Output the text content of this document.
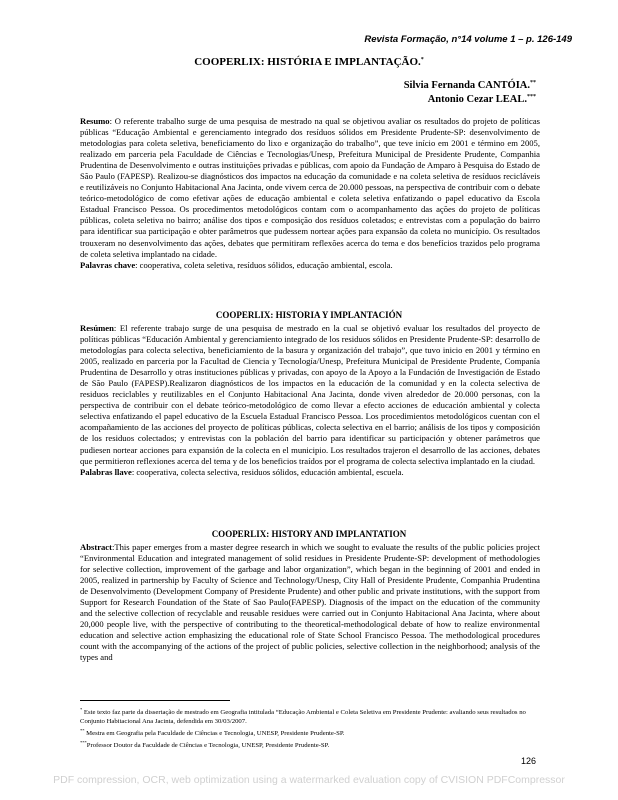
Revista Formação, n°14 volume 1 – p. 126-149
COOPERLIX: HISTÓRIA E IMPLANTAÇÃO.*
Silvia Fernanda CANTÓIA.**
Antonio Cezar LEAL.***
Resumo: O referente trabalho surge de uma pesquisa de mestrado na qual se objetivou avaliar os resultados do projeto de políticas públicas “Educação Ambiental e gerenciamento integrado dos resíduos sólidos em Presidente Prudente-SP: desenvolvimento de metodologias para coleta seletiva, beneficiamento do lixo e organização do trabalho”, que teve início em 2001 e término em 2005, realizado em parceria pela Faculdade de Ciências e Tecnologias/Unesp, Prefeitura Municipal de Presidente Prudente, Companhia Prudentina de Desenvolvimento e outras instituições privadas e públicas, com apoio da Fundação de Amparo à Pesquisa do Estado de São Paulo (FAPESP). Realizou-se diagnósticos dos impactos na educação da comunidade e na coleta seletiva de resíduos recicláveis e reutilizáveis no Conjunto Habitacional Ana Jacinta, onde vivem cerca de 20.000 pessoas, na perspectiva de contribuir com o debate teórico-metodológico de como efetivar ações de educação ambiental e coleta seletiva enfatizando o papel educativo da Escola Estadual Francisco Pessoa. Os procedimentos metodológicos contam com o acompanhamento das ações do projeto de políticas públicas, coleta seletiva no bairro; análise dos tipos e composição dos resíduos coletados; e entrevistas com a população do bairro para identificar sua participação e obter parâmetros que pudessem nortear ações para expansão da coleta no município. Os resultados trouxeram no desenvolvimento das ações, debates que permitiram reflexões acerca do tema e dos benefícios trazidos pelo programa de coleta seletiva implantado na cidade.
Palavras chave: cooperativa, coleta seletiva, resíduos sólidos, educação ambiental, escola.
COOPERLIX: HISTORIA Y IMPLANTACIÓN
Resúmen: El referente trabajo surge de una pesquisa de mestrado en la cual se objetivó evaluar los resultados del proyecto de políticas públicas “Educación Ambiental y gerenciamiento integrado de los residuos sólidos en Presidente Prudente-SP: desarrollo de metodologías para colecta selectiva, beneficiamiento de la basura y organización del trabajo”, que tuvo inicio en 2001 y término en 2005, realizado en parceria por la Facultad de Ciencia y Tecnología/Unesp, Prefeitura Municipal de Presidente Prudente, Companía Prudentina de Desarrollo y otras instituciones públicas y privadas, con apoyo de la Apoyo a la Fundación de Investigación de Estado de São Paulo (FAPESP).Realizaron diagnósticos de los impactos en la educación de la comunidad y en la colecta selectiva de residuos reciclables y reutilizables en el Conjunto Habitacional Ana Jacinta, donde viven alrededor de 20.000 personas, con la perspectiva de contribuir con el debate teórico-metodológico de como llevar a efecto acciones de educación ambiental y colecta selectiva enfatizando el papel educativo de la Escuela Estadual Francisco Pessoa. Los procedimientos metodológicos cuentan con el acompañamiento de las acciones del proyecto de políticas públicas, colecta selectiva en el barrio; análisis de los tipos y composición de los residuos colectados; y entrevistas con la población del barrio para identificar su participación y obtener parámetros que pudiesen nortear acciones para expansión de la colecta en el municipio. Los resultados trajeron el desarrollo de las acciones, debates que permitieron reflexiones acerca del tema y de los beneficios traídos por el programa de colecta selectiva implantado en la ciudad.
Palabras llave: cooperativa, colecta selectiva, residuos sólidos, educación ambiental, escuela.
COOPERLIX: HISTORY AND IMPLANTATION
Abstract:This paper emerges from a master degree research in which we sought to evaluate the results of the public policies project “Environmental Education and integrated management of solid residues in Presidente Prudente-SP: development of methodologies for selective collection, improvement of the garbage and labor organization”, which began in the beginning of 2001 and ended in 2005, realized in partnership by Faculty of Science and Technology/Unesp, City Hall of Presidente Prudente, Companhia Prudentina de Desenvolvimento (Development Company of Presidente Prudente) and other public and private institutions, with the support from Support for Research Foundation of the State of Sao Paulo(FAPESP). Diagnosis of the impact on the education of the community and the selective collection of recyclable and reusable residues were carried out in Conjunto Habitacional Ana Jacinta, where about 20,000 people live, with the perspective of contributing to the theoretical-methodological debate of how to realize environmental education and selective action emphasizing the educational role of State School Francisco Pessoa. The methodological procedures count with the accompanying of the actions of the project of public policies, selective collection in the neighborhood; analysis of the types and
* Este texto faz parte da dissertação de mestrado em Geografia intitulada “Educação Ambiental e Coleta Seletiva em Presidente Prudente: avaliando seus resultados no Conjunto Habitacional Ana Jacinta, defendida em 30/03/2007.
** Mestra em Geografia pela Faculdade de Ciências e Tecnologia, UNESP, Presidente Prudente-SP.
***Professor Doutor da Faculdade de Ciências e Tecnologia, UNESP, Presidente Prudente-SP.
126
PDF compression, OCR, web optimization using a watermarked evaluation copy of CVISION PDFCompressor
